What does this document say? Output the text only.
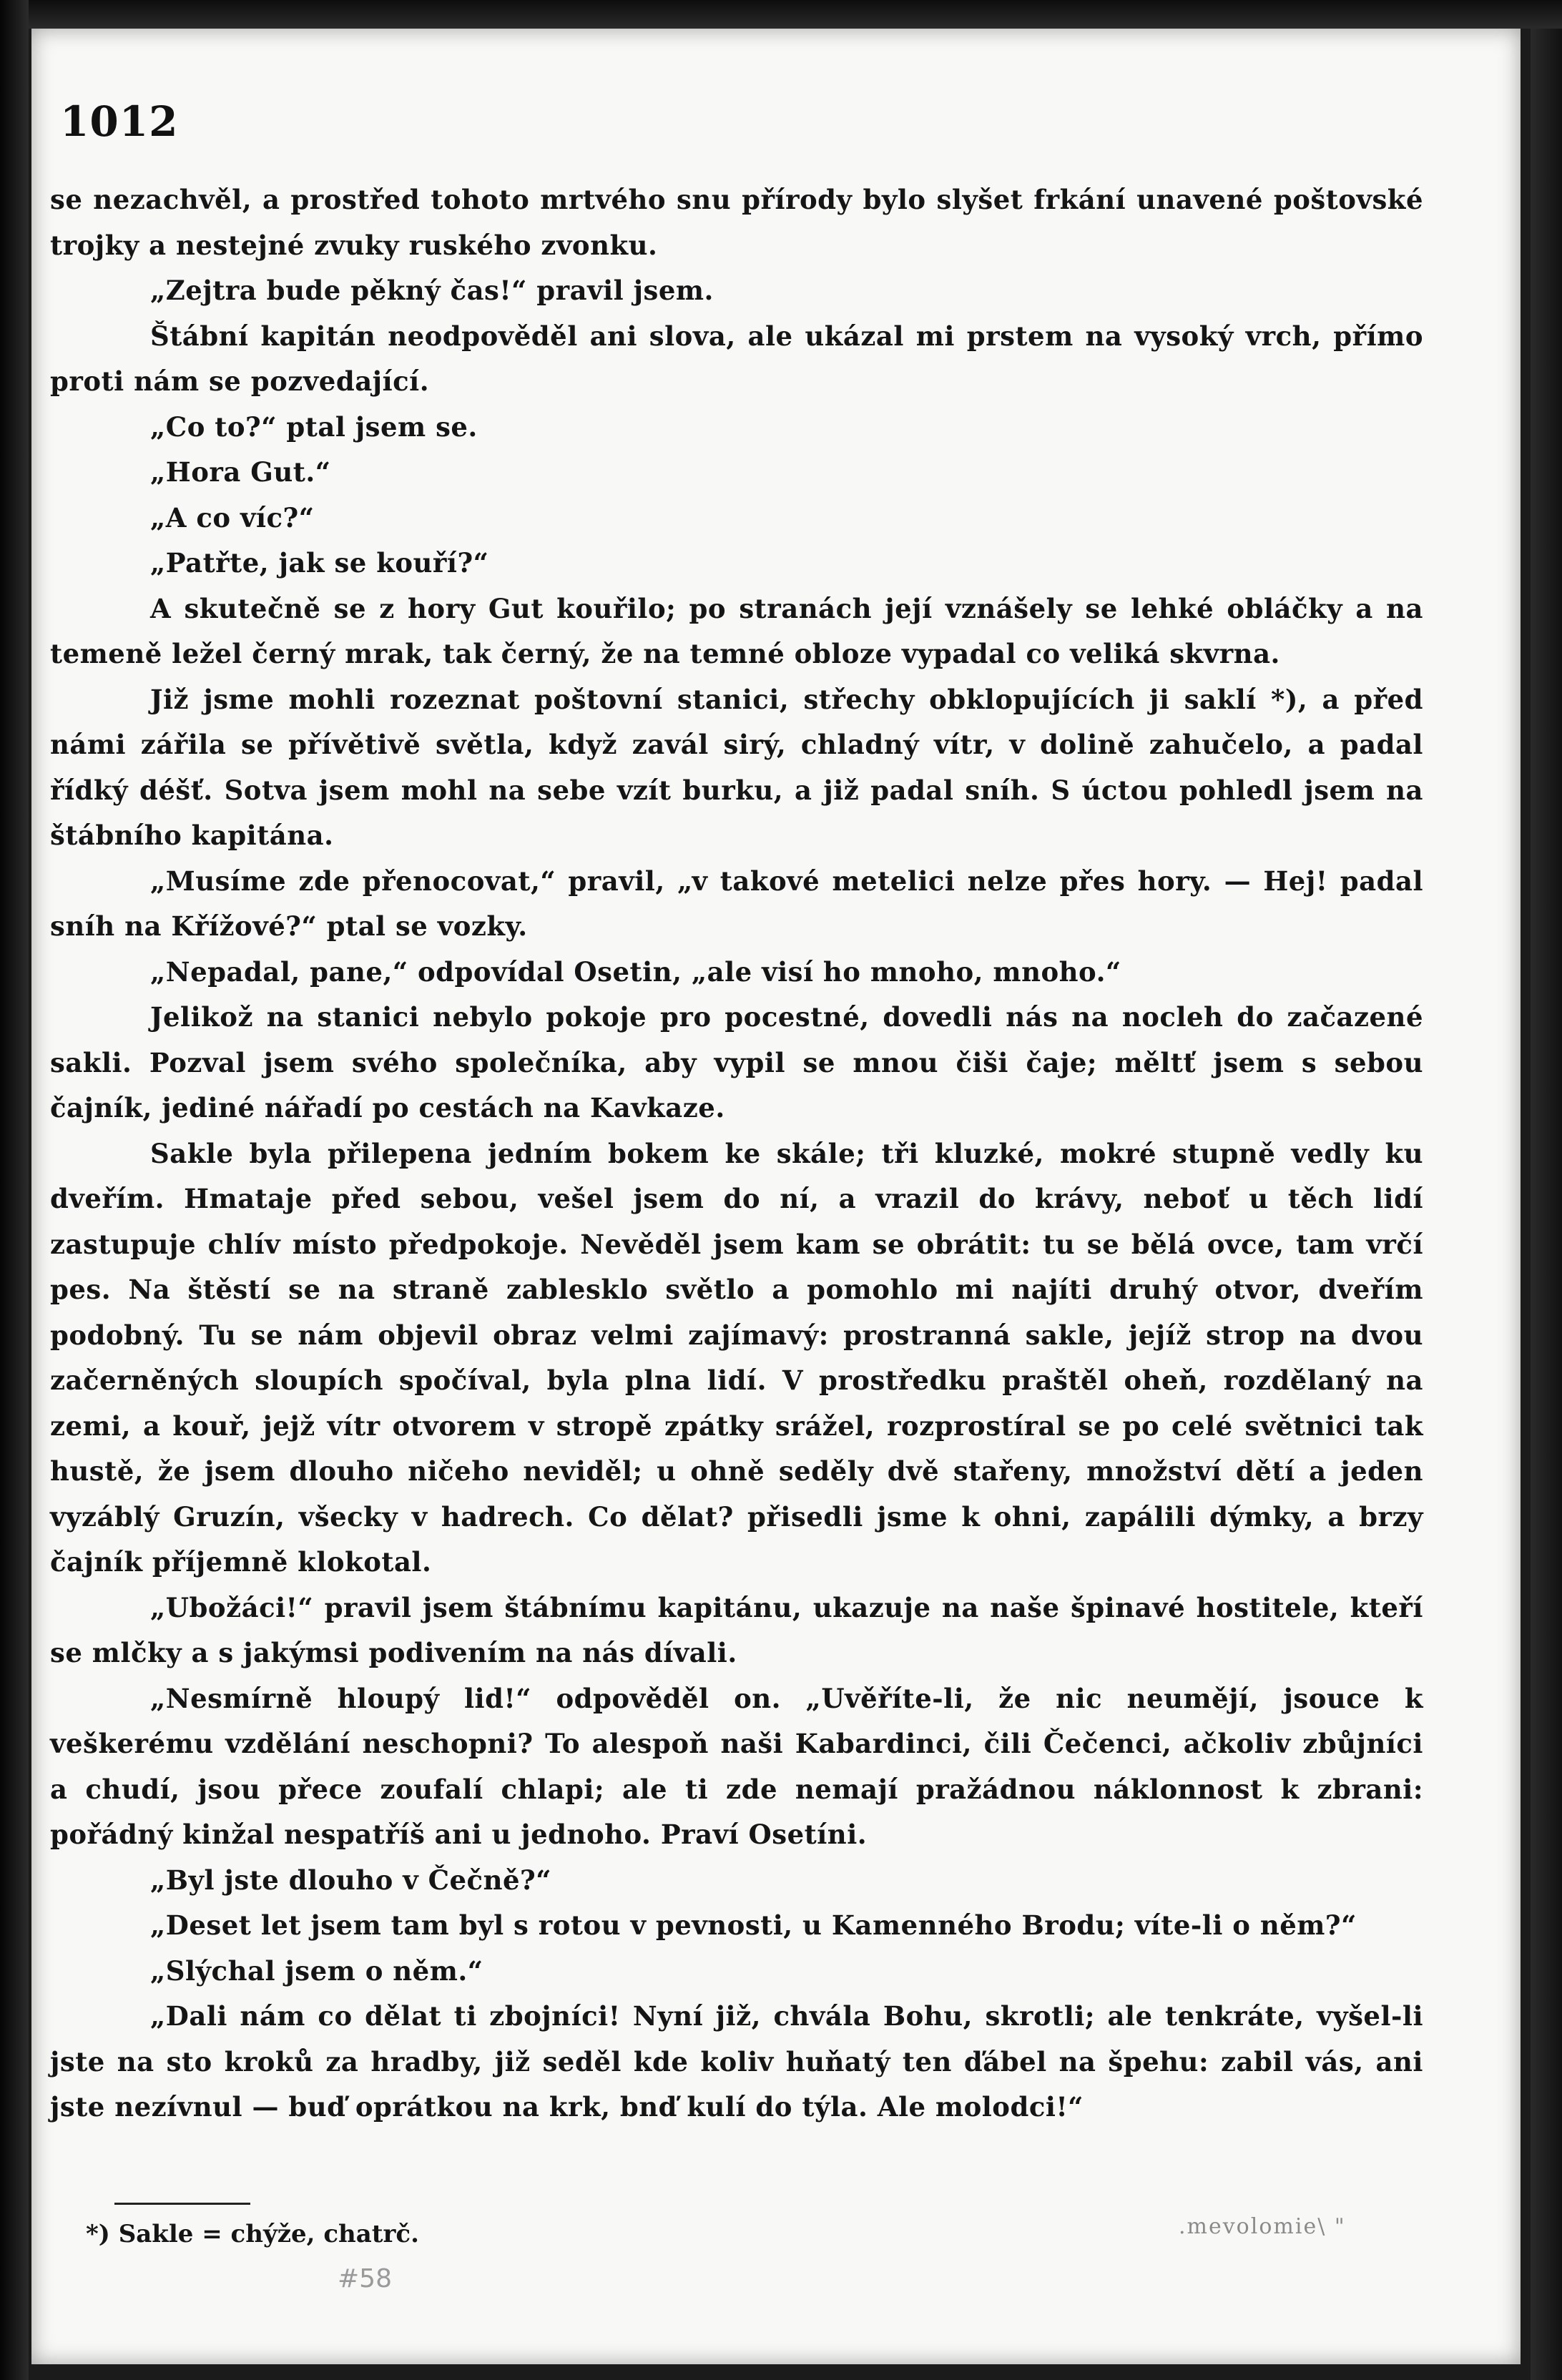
1012

se nezachvěl, a prostřed tohoto mrtvého snu přírody bylo slyšet frkání unavené poštovské trojky a nestejné zvuky ruského zvonku.

„Zejtra bude pěkný čas!“ pravil jsem.

Štábní kapitán neodpověděl ani slova, ale ukázal mi prstem na vysoký vrch, přímo proti nám se pozvedající.

„Co to?“ ptal jsem se.

„Hora Gut.“

„A co víc?“

„Patřte, jak se kouří?“

A skutečně se z hory Gut kouřilo; po stranách její vznášely se lehké obláčky a na temeně ležel černý mrak, tak černý, že na temné obloze vypadal co veliká skvrna.

Již jsme mohli rozeznat poštovní stanici, střechy obklopujících ji saklí *), a před námi zářila se přívětivě světla, když zavál sirý, chladný vítr, v dolině zahučelo, a padal řídký déšť. Sotva jsem mohl na sebe vzít burku, a již padal sníh. S úctou pohledl jsem na štábního kapitána.

„Musíme zde přenocovat,“ pravil, „v takové metelici nelze přes hory. — Hej! padal sníh na Křížové?“ ptal se vozky.

„Nepadal, pane,“ odpovídal Osetin, „ale visí ho mnoho, mnoho.“

Jelikož na stanici nebylo pokoje pro pocestné, dovedli nás na nocleh do začazené sakli. Pozval jsem svého společníka, aby vypil se mnou čiši čaje; měltť jsem s sebou čajník, jediné nářadí po cestách na Kavkaze.

Sakle byla přilepena jedním bokem ke skále; tři kluzké, mokré stupně vedly ku dveřím. Hmataje před sebou, vešel jsem do ní, a vrazil do krávy, neboť u těch lidí zastupuje chlív místo předpokoje. Nevěděl jsem kam se obrátit: tu se bělá ovce, tam vrčí pes. Na štěstí se na straně zablesklo světlo a pomohlo mi najíti druhý otvor, dveřím podobný. Tu se nám objevil obraz velmi zajímavý: prostranná sakle, jejíž strop na dvou začerněných sloupích spočíval, byla plna lidí. V prostředku praštěl oheň, rozdělaný na zemi, a kouř, jejž vítr otvorem v stropě zpátky srážel, rozprostíral se po celé světnici tak hustě, že jsem dlouho ničeho neviděl; u ohně seděly dvě stařeny, množství dětí a jeden vyzáblý Gruzín, všecky v hadrech. Co dělat? přisedli jsme k ohni, zapálili dýmky, a brzy čajník příjemně klokotal.

„Ubožáci!“ pravil jsem štábnímu kapitánu, ukazuje na naše špinavé hostitele, kteří se mlčky a s jakýmsi podivením na nás dívali.

„Nesmírně hloupý lid!“ odpověděl on. „Uvěříte-li, že nic neumějí, jsouce k veškerému vzdělání neschopni? To alespoň naši Kabardinci, čili Čečenci, ačkoliv zbůjníci a chudí, jsou přece zoufalí chlapi; ale ti zde nemají pražádnou náklonnost k zbrani: pořádný kinžal nespatříš ani u jednoho. Praví Osetíni.

„Byl jste dlouho v Čečně?“

„Deset let jsem tam byl s rotou v pevnosti, u Kamenného Brodu; víte-li o něm?“

„Slýchal jsem o něm.“

„Dali nám co dělat ti zbojníci! Nyní již, chvála Bohu, skrotli; ale tenkráte, vyšel-li jste na sto kroků za hradby, již seděl kde koliv huňatý ten ďábel na špehu: zabil vás, ani jste nezívnul — buď oprátkou na krk, bnď kulí do týla. Ale molodci!“

*) Sakle = chýže, chatrč.
#58
.mevolomie\ "
